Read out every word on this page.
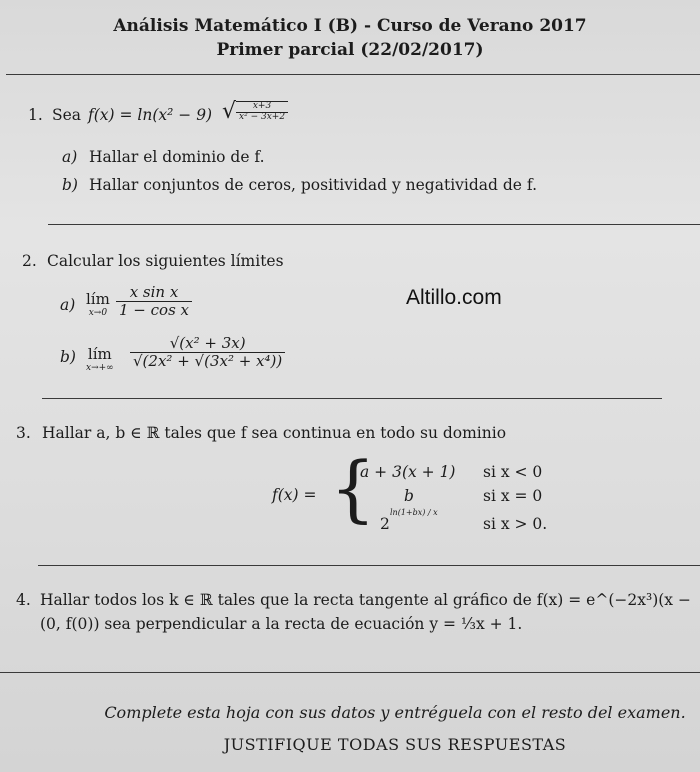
Análisis Matemático I (B) - Curso de Verano 2017
Primer parcial (22/02/2017)
Altillo.com
1. Sea f(x) = ln(x² − 9) √ $\frac{x+3}{\text{x² − 3x+2}}$
a) Hallar el dominio de f.
b) Hallar conjuntos de ceros, positividad y negatividad de f.
2. Calcular los siguientes límites
a) lím
$x\to 0 \frac{\text{x sin x}}{\text{1 − cos x}}$
b) lím
$x\to+\infty \frac{\text{√(x² + 3x)}}{\text{√(2x² + √(3x² + x⁴))}}$
3. Hallar a, b ∈ ℝ tales que f sea continua en todo su dominio
f(x) = {
a + 3(x + 1) si x < 0
b	si x = 0
2
ln(1+bx) / x
si x > 0.
4. Hallar todos los k ∈ ℝ tales que la recta tangente al gráfico de f(x) = e^(−2x³)(x −
(0, f(0)) sea perpendicular a la recta de ecuación y = ⅓x + 1.
Complete esta hoja con sus datos y entréguela con el resto del examen.
JUSTIFIQUE TODAS SUS RESPUESTAS
